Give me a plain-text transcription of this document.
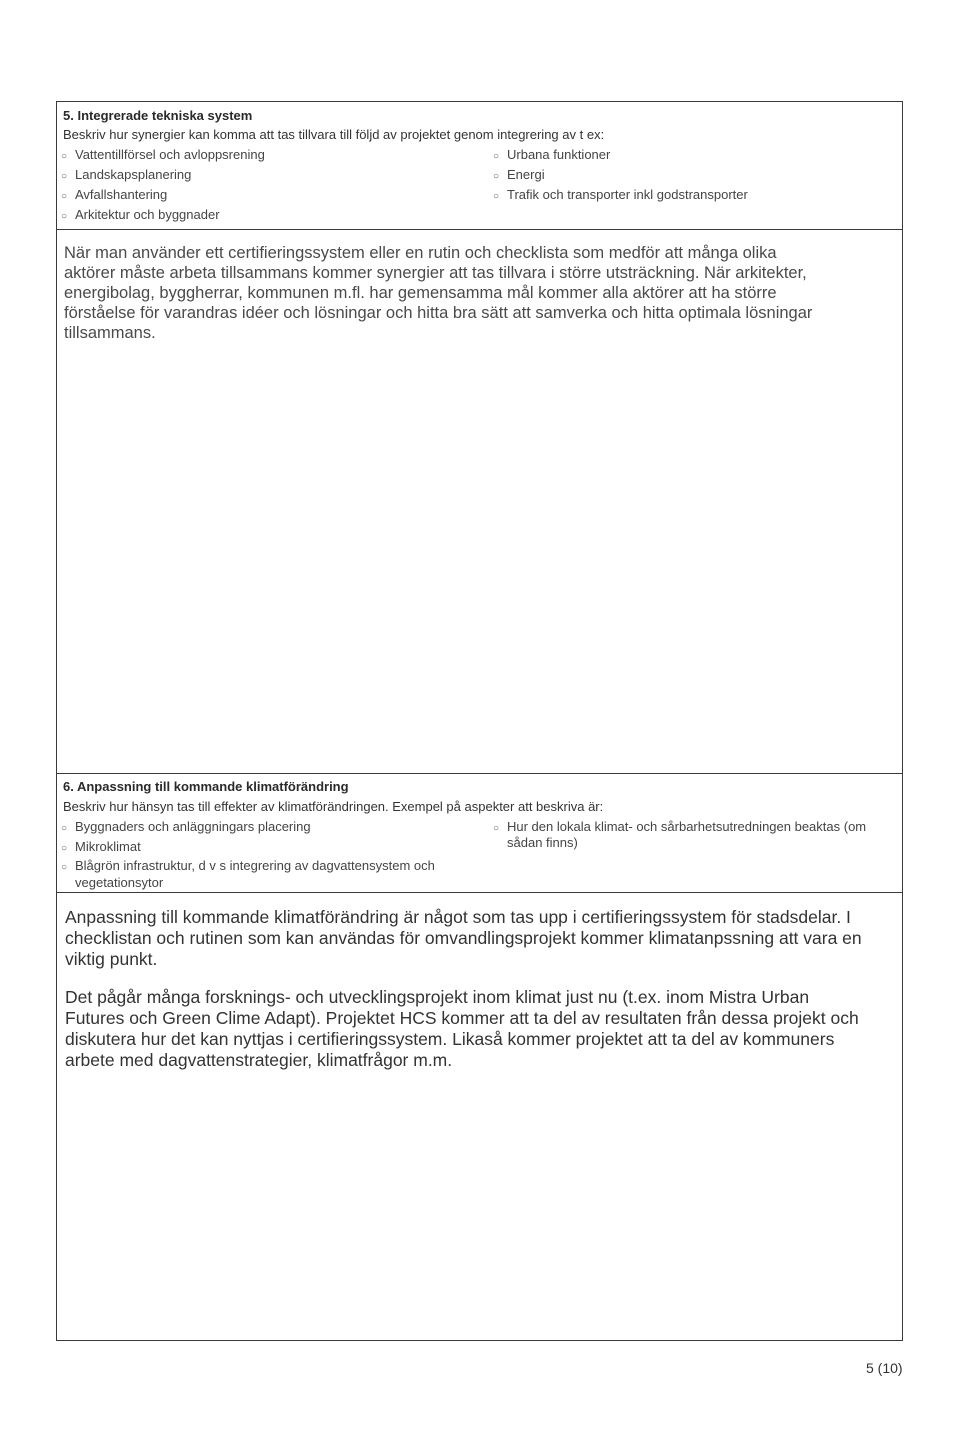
5. Integrerade tekniska system
Beskriv hur synergier kan komma att tas tillvara till följd av projektet genom integrering av t ex:
○ Vattentillförsel och avloppsrening
○ Landskapsplanering
○ Avfallshantering
○ Arkitektur och byggnader
○ Urbana funktioner
○ Energi
○ Trafik och transporter inkl godstransporter
När man använder ett certifieringssystem eller en rutin och checklista som medför att många olika
aktörer måste arbeta tillsammans kommer synergier att tas tillvara i större utsträckning. När arkitekter,
energibolag, byggherrar, kommunen m.fl. har gemensamma mål kommer alla aktörer att ha större
förståelse för varandras idéer och lösningar och hitta bra sätt att samverka och hitta optimala lösningar
tillsammans.
6. Anpassning till kommande klimatförändring
Beskriv hur hänsyn tas till effekter av klimatförändringen. Exempel på aspekter att beskriva är:
○ Byggnaders och anläggningars placering
○ Mikroklimat
○ Blågrön infrastruktur, d v s integrering av dagvattensystem och
vegetationsytor
○ Hur den lokala klimat- och sårbarhetsutredningen beaktas (om
sådan finns)
Anpassning till kommande klimatförändring är något som tas upp i certifieringssystem för stadsdelar. I
checklistan och rutinen som kan användas för omvandlingsprojekt kommer klimatanpssning att vara en
viktig punkt.
Det pågår många forsknings- och utvecklingsprojekt inom klimat just nu (t.ex. inom Mistra Urban
Futures och Green Clime Adapt). Projektet HCS kommer att ta del av resultaten från dessa projekt och
diskutera hur det kan nyttjas i certifieringssystem. Likaså kommer projektet att ta del av kommuners
arbete med dagvattenstrategier, klimatfrågor m.m.
5 (10)
